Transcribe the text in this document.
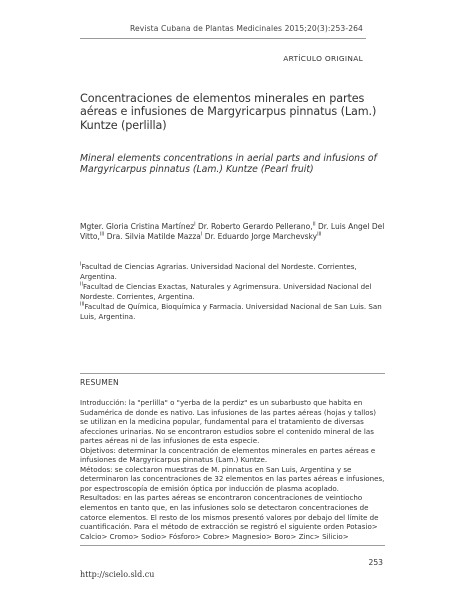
Revista Cubana de Plantas Medicinales 2015;20(3):253-264
ARTÍCULO ORIGINAL
Concentraciones de elementos minerales en partes aéreas e infusiones de Margyricarpus pinnatus (Lam.) Kuntze (perlilla)
Mineral elements concentrations in aerial parts and infusions of Margyricarpus pinnatus (Lam.) Kuntze (Pearl fruit)
Mgter. Gloria Cristina Martínez$^I$ Dr. Roberto Gerardo Pellerano,$^{II}$ Dr. Luis Angel Del Vitto,$^{III}$ Dra. Silvia Matilde Mazza$^I$ Dr. Eduardo Jorge Marchevsky$^{III}$

$^I$Facultad de Ciencias Agrarias. Universidad Nacional del Nordeste. Corrientes, Argentina.

$^{II}$Facultad de Ciencias Exactas, Naturales y Agrimensura. Universidad Nacional del Nordeste. Corrientes, Argentina.

$^{III}$Facultad de Química, Bioquímica y Farmacia. Universidad Nacional de San Luis. San Luis, Argentina.

RESUMEN

Introducción: la "perlilla" o "yerba de la perdiz" es un subarbusto que habita en Sudamérica de donde es nativo. Las infusiones de las partes aéreas (hojas y tallos) se utilizan en la medicina popular, fundamental para el tratamiento de diversas afecciones urinarias. No se encontraron estudios sobre el contenido mineral de las partes aéreas ni de las infusiones de esta especie.

Objetivos: determinar la concentración de elementos minerales en partes aéreas e infusiones de Margyricarpus pinnatus (Lam.) Kuntze.

Métodos: se colectaron muestras de M. pinnatus en San Luis, Argentina y se determinaron las concentraciones de 32 elementos en las partes aéreas e infusiones, por espectroscopía de emisión óptica por inducción de plasma acoplado.

Resultados: en las partes aéreas se encontraron concentraciones de veintiocho elementos en tanto que, en las infusiones solo se detectaron concentraciones de catorce elementos. El resto de los mismos presentó valores por debajo del límite de cuantificación. Para el método de extracción se registró el siguiente orden Potasio> Calcio> Cromo> Sodio> Fósforo> Cobre> Magnesio> Boro> Zinc> Silicio>

253
http://scielo.sld.cu
